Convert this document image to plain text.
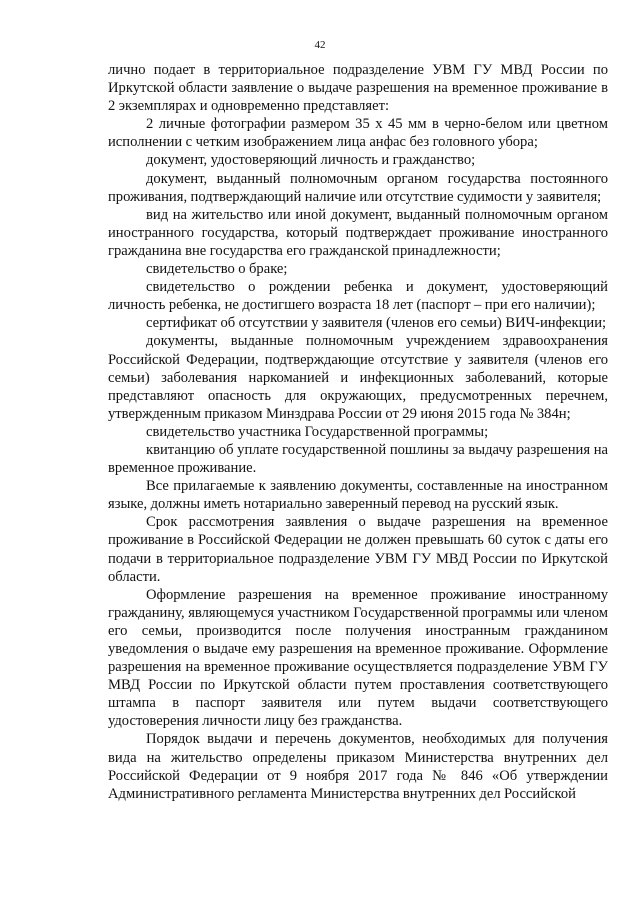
42

лично подает в территориальное подразделение УВМ ГУ МВД России по Иркутской области заявление о выдаче разрешения на временное проживание в 2 экземплярах и одновременно представляет:

2 личные фотографии размером 35 х 45 мм в черно-белом или цветном исполнении с четким изображением лица анфас без головного убора;

документ, удостоверяющий личность и гражданство;

документ, выданный полномочным органом государства постоянного проживания, подтверждающий наличие или отсутствие судимости у заявителя;

вид на жительство или иной документ, выданный полномочным органом иностранного государства, который подтверждает проживание иностранного гражданина вне государства его гражданской принадлежности;

свидетельство о браке;

свидетельство о рождении ребенка и документ, удостоверяющий личность ребенка, не достигшего возраста 18 лет (паспорт – при его наличии);

сертификат об отсутствии у заявителя (членов его семьи) ВИЧ-инфекции;

документы, выданные полномочным учреждением здравоохранения Российской Федерации, подтверждающие отсутствие у заявителя (членов его семьи) заболевания наркоманией и инфекционных заболеваний, которые представляют опасность для окружающих, предусмотренных перечнем, утвержденным приказом Минздрава России от 29 июня 2015 года № 384н;

свидетельство участника Государственной программы;

квитанцию об уплате государственной пошлины за выдачу разрешения на временное проживание.

Все прилагаемые к заявлению документы, составленные на иностранном языке, должны иметь нотариально заверенный перевод на русский язык.

Срок рассмотрения заявления о выдаче разрешения на временное проживание в Российской Федерации не должен превышать 60 суток с даты его подачи в территориальное подразделение УВМ ГУ МВД России по Иркутской области.

Оформление разрешения на временное проживание иностранному гражданину, являющемуся участником Государственной программы или членом его семьи, производится после получения иностранным гражданином уведомления о выдаче ему разрешения на временное проживание. Оформление разрешения на временное проживание осуществляется подразделение УВМ ГУ МВД России по Иркутской области путем проставления соответствующего штампа в паспорт заявителя или путем выдачи соответствующего удостоверения личности лицу без гражданства.

Порядок выдачи и перечень документов, необходимых для получения вида на жительство определены приказом Министерства внутренних дел Российской Федерации от 9 ноября 2017 года № 846 «Об утверждении Административного регламента Министерства внутренних дел Российской
